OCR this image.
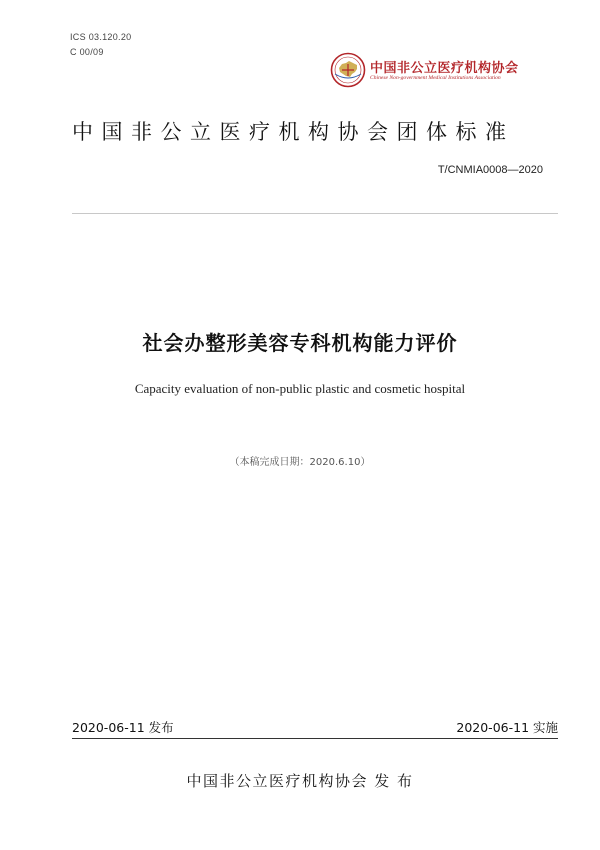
ICS 03.120.20
C 00/09
中国非公立医疗机构协会
Chinese Non-government Medical Institutions Association
中国非公立医疗机构协会团体标准
T/CNMIA0008—2020
社会办整形美容专科机构能力评价
Capacity evaluation of non-public plastic and cosmetic hospital
（本稿完成日期：2020.6.10）
2020-06-11 发布	2020-06-11 实施
中国非公立医疗机构协会 发 布
